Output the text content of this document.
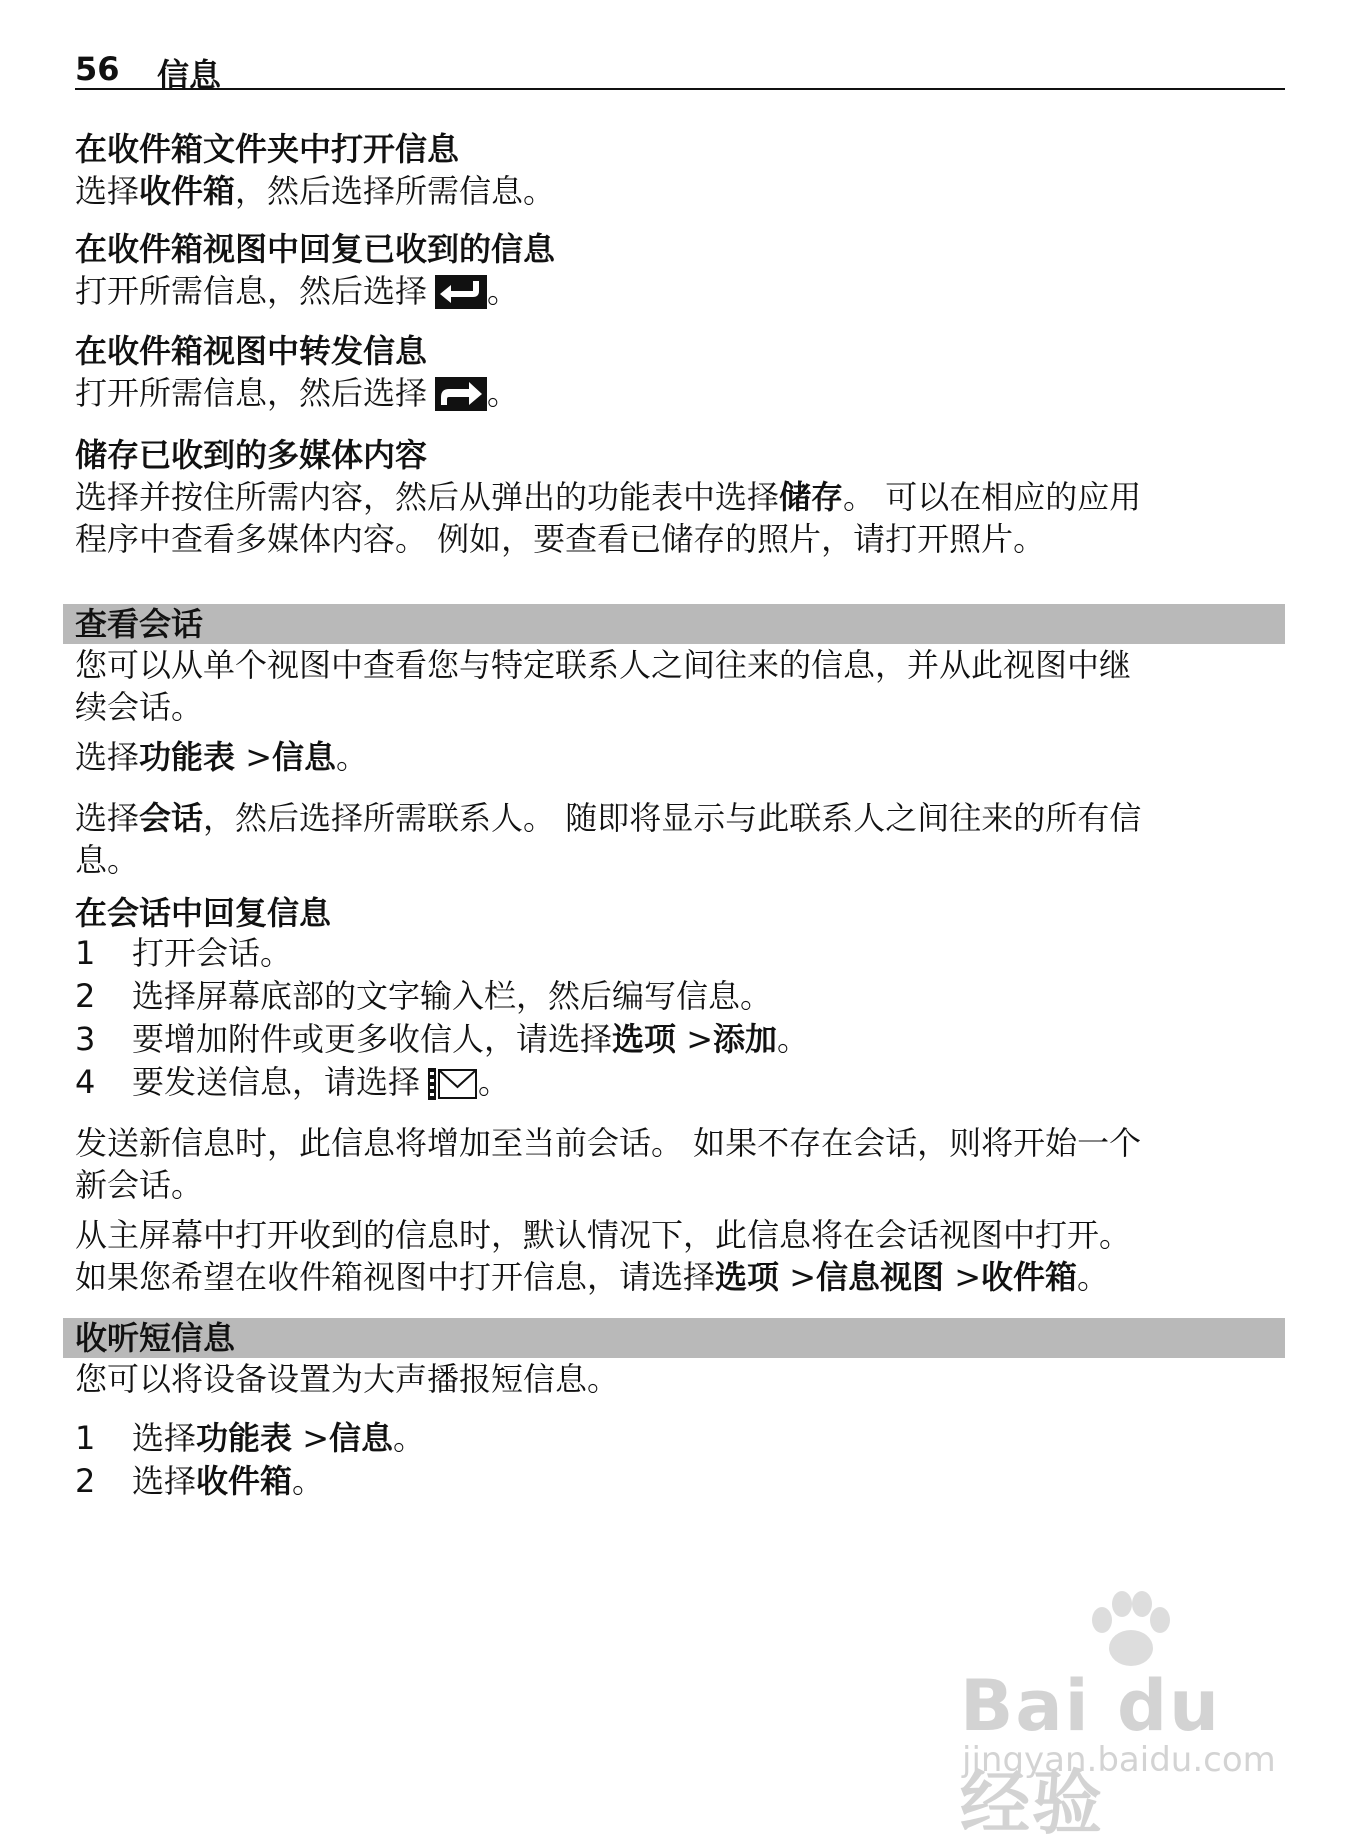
56 信息

在收件箱文件夹中打开信息

选择收件箱，然后选择所需信息。

在收件箱视图中回复已收到的信息

打开所需信息，然后选择 。

在收件箱视图中转发信息

打开所需信息，然后选择 。

储存已收到的多媒体内容

选择并按住所需内容，然后从弹出的功能表中选择储存。 可以在相应的应用

程序中查看多媒体内容。 例如，要查看已储存的照片，请打开照片。

查看会话

您可以从单个视图中查看您与特定联系人之间往来的信息，并从此视图中继

续会话。

选择功能表 >信息。

选择会话，然后选择所需联系人。 随即将显示与此联系人之间往来的所有信

息。

在会话中回复信息

1 打开会话。
2 选择屏幕底部的文字输入栏，然后编写信息。
3 要增加附件或更多收信人，请选择选项 >添加。
4 要发送信息，请选择 。

发送新信息时，此信息将增加至当前会话。 如果不存在会话，则将开始一个

新会话。

从主屏幕中打开收到的信息时，默认情况下，此信息将在会话视图中打开。

如果您希望在收件箱视图中打开信息，请选择选项 >信息视图 >收件箱。

收听短信息

您可以将设备设置为大声播报短信息。

1 选择功能表 >信息。
2 选择收件箱。
Bai du 经验
jingyan.baidu.com
